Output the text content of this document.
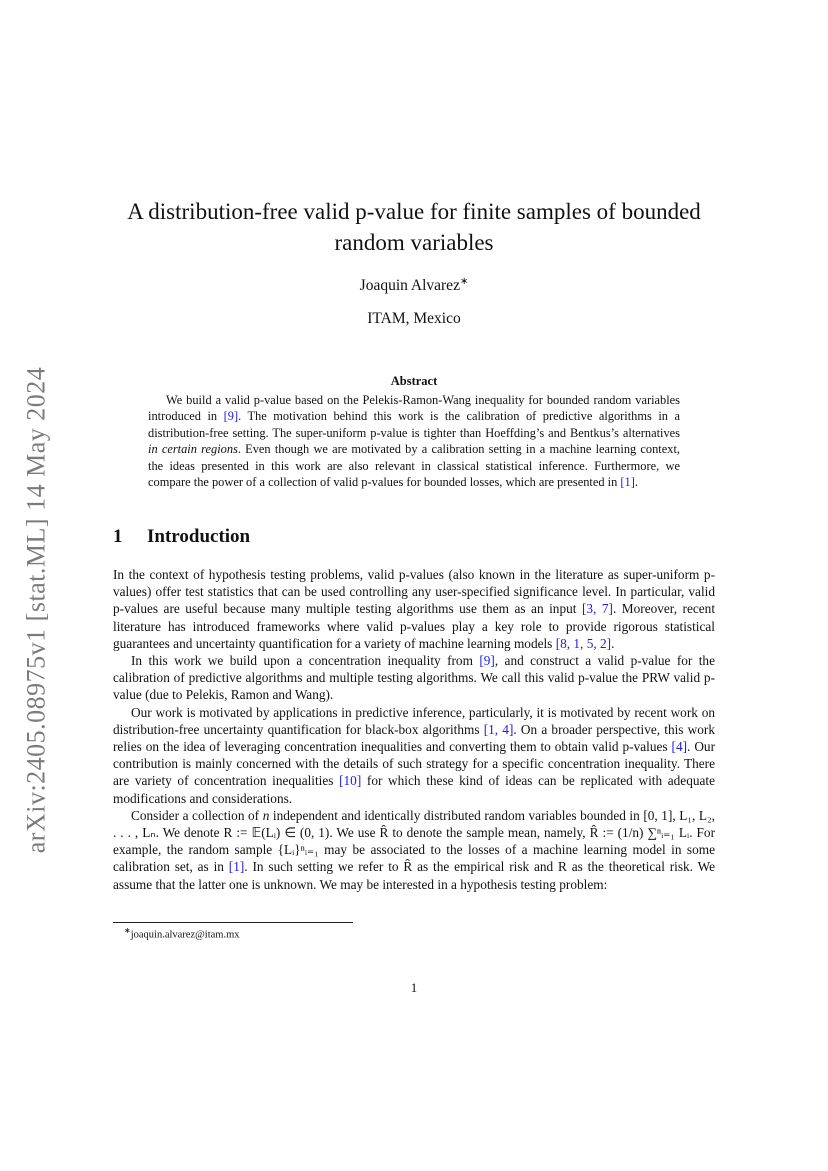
arXiv:2405.08975v1 [stat.ML] 14 May 2024
A distribution-free valid p-value for finite samples of bounded random variables
Joaquin Alvarez∗
ITAM, Mexico
Abstract

We build a valid p-value based on the Pelekis-Ramon-Wang inequality for bounded random variables introduced in [9]. The motivation behind this work is the calibration of predictive algorithms in a distribution-free setting. The super-uniform p-value is tighter than Hoeffding’s and Bentkus’s alternatives in certain regions. Even though we are motivated by a calibration setting in a machine learning context, the ideas presented in this work are also relevant in classical statistical inference. Furthermore, we compare the power of a collection of valid p-values for bounded losses, which are presented in [1].

1 Introduction

In the context of hypothesis testing problems, valid p-values (also known in the literature as super-uniform p-values) offer test statistics that can be used controlling any user-specified significance level. In particular, valid p-values are useful because many multiple testing algorithms use them as an input [3, 7]. Moreover, recent literature has introduced frameworks where valid p-values play a key role to provide rigorous statistical guarantees and uncertainty quantification for a variety of machine learning models [8, 1, 5, 2].

In this work we build upon a concentration inequality from [9], and construct a valid p-value for the calibration of predictive algorithms and multiple testing algorithms. We call this valid p-value the PRW valid p-value (due to Pelekis, Ramon and Wang).

Our work is motivated by applications in predictive inference, particularly, it is motivated by recent work on distribution-free uncertainty quantification for black-box algorithms [1, 4]. On a broader perspective, this work relies on the idea of leveraging concentration inequalities and converting them to obtain valid p-values [4]. Our contribution is mainly concerned with the details of such strategy for a specific concentration inequality. There are variety of concentration inequalities [10] for which these kind of ideas can be replicated with adequate modifications and considerations.

Consider a collection of n independent and identically distributed random variables bounded in [0, 1], L₁, L₂, . . . , Lₙ. We denote R := 𝔼(Lᵢ) ∈ (0, 1). We use R̂ to denote the sample mean, namely, R̂ := (1/n) ∑ⁿᵢ₌₁ Lᵢ. For example, the random sample {Lᵢ}ⁿᵢ₌₁ may be associated to the losses of a machine learning model in some calibration set, as in [1]. In such setting we refer to R̂ as the empirical risk and R as the theoretical risk. We assume that the latter one is unknown. We may be interested in a hypothesis testing problem:

∗joaquin.alvarez@itam.mx
1
